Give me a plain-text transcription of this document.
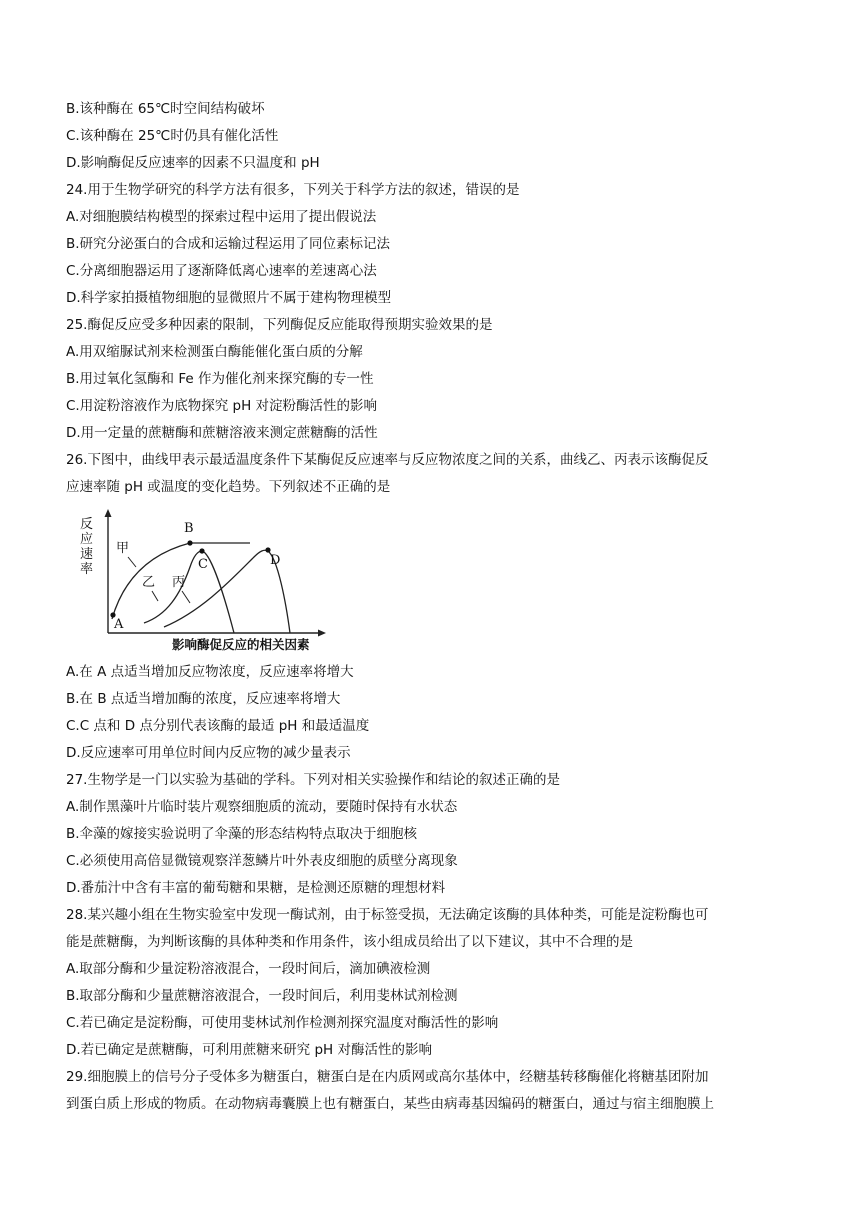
B.该种酶在 65℃时空间结构破坏
C.该种酶在 25℃时仍具有催化活性
D.影响酶促反应速率的因素不只温度和 pH
24.用于生物学研究的科学方法有很多，下列关于科学方法的叙述，错误的是
A.对细胞膜结构模型的探索过程中运用了提出假说法
B.研究分泌蛋白的合成和运输过程运用了同位素标记法
C.分离细胞器运用了逐渐降低离心速率的差速离心法
D.科学家拍摄植物细胞的显微照片不属于建构物理模型
25.酶促反应受多种因素的限制，下列酶促反应能取得预期实验效果的是
A.用双缩脲试剂来检测蛋白酶能催化蛋白质的分解
B.用过氧化氢酶和 Fe 作为催化剂来探究酶的专一性
C.用淀粉溶液作为底物探究 pH 对淀粉酶活性的影响
D.用一定量的蔗糖酶和蔗糖溶液来测定蔗糖酶的活性
26.下图中，曲线甲表示最适温度条件下某酶促反应速率与反应物浓度之间的关系，曲线乙、丙表示该酶促反
应速率随 pH 或温度的变化趋势。下列叙述不正确的是
反应速率
影响酶促反应的相关因素
甲
乙 丙
A
B
C	D
A.在 A 点适当增加反应物浓度，反应速率将增大
B.在 B 点适当增加酶的浓度，反应速率将增大
C.C 点和 D 点分别代表该酶的最适 pH 和最适温度
D.反应速率可用单位时间内反应物的减少量表示
27.生物学是一门以实验为基础的学科。下列对相关实验操作和结论的叙述正确的是
A.制作黑藻叶片临时装片观察细胞质的流动，要随时保持有水状态
B.伞藻的嫁接实验说明了伞藻的形态结构特点取决于细胞核
C.必须使用高倍显微镜观察洋葱鳞片叶外表皮细胞的质壁分离现象
D.番茄汁中含有丰富的葡萄糖和果糖，是检测还原糖的理想材料
28.某兴趣小组在生物实验室中发现一酶试剂，由于标签受损，无法确定该酶的具体种类，可能是淀粉酶也可
能是蔗糖酶，为判断该酶的具体种类和作用条件，该小组成员给出了以下建议，其中不合理的是
A.取部分酶和少量淀粉溶液混合，一段时间后，滴加碘液检测
B.取部分酶和少量蔗糖溶液混合，一段时间后，利用斐林试剂检测
C.若已确定是淀粉酶，可使用斐林试剂作检测剂探究温度对酶活性的影响
D.若已确定是蔗糖酶，可利用蔗糖来研究 pH 对酶活性的影响
29.细胞膜上的信号分子受体多为糖蛋白，糖蛋白是在内质网或高尔基体中，经糖基转移酶催化将糖基团附加
到蛋白质上形成的物质。在动物病毒囊膜上也有糖蛋白，某些由病毒基因编码的糖蛋白，通过与宿主细胞膜上
